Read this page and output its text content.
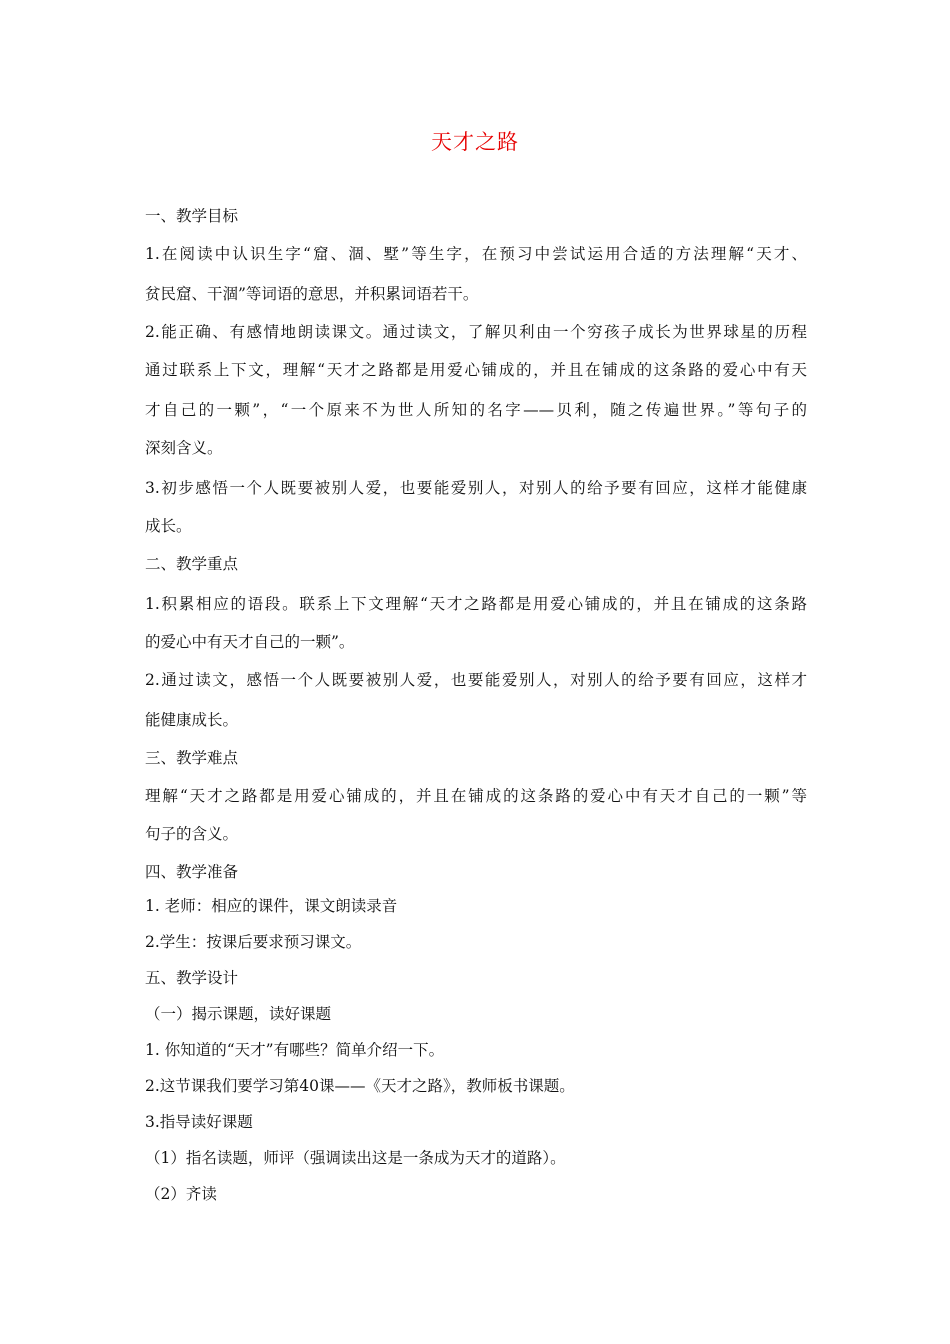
天才之路
一、教学目标
1.在阅读中认识生字“窟、涸、墅”等生字，在预习中尝试运用合适的方法理解“天才、
贫民窟、干涸”等词语的意思，并积累词语若干。
2.能正确、有感情地朗读课文。通过读文，了解贝利由一个穷孩子成长为世界球星的历程
通过联系上下文，理解“天才之路都是用爱心铺成的，并且在铺成的这条路的爱心中有天
才自己的一颗”，“一个原来不为世人所知的名字——贝利，随之传遍世界。”等句子的
深刻含义。
3.初步感悟一个人既要被别人爱，也要能爱别人，对别人的给予要有回应，这样才能健康
成长。
二、教学重点
1.积累相应的语段。联系上下文理解“天才之路都是用爱心铺成的，并且在铺成的这条路
的爱心中有天才自己的一颗”。
2.通过读文，感悟一个人既要被别人爱，也要能爱别人，对别人的给予要有回应，这样才
能健康成长。
三、教学难点
理解“天才之路都是用爱心铺成的，并且在铺成的这条路的爱心中有天才自己的一颗”等
句子的含义。
四、教学准备
1. 老师：相应的课件，课文朗读录音
2.学生：按课后要求预习课文。
五、教学设计
（一）揭示课题，读好课题
1. 你知道的“天才”有哪些？简单介绍一下。
2.这节课我们要学习第40课——《天才之路》，教师板书课题。
3.指导读好课题
（1）指名读题，师评（强调读出这是一条成为天才的道路）。
（2）齐读
